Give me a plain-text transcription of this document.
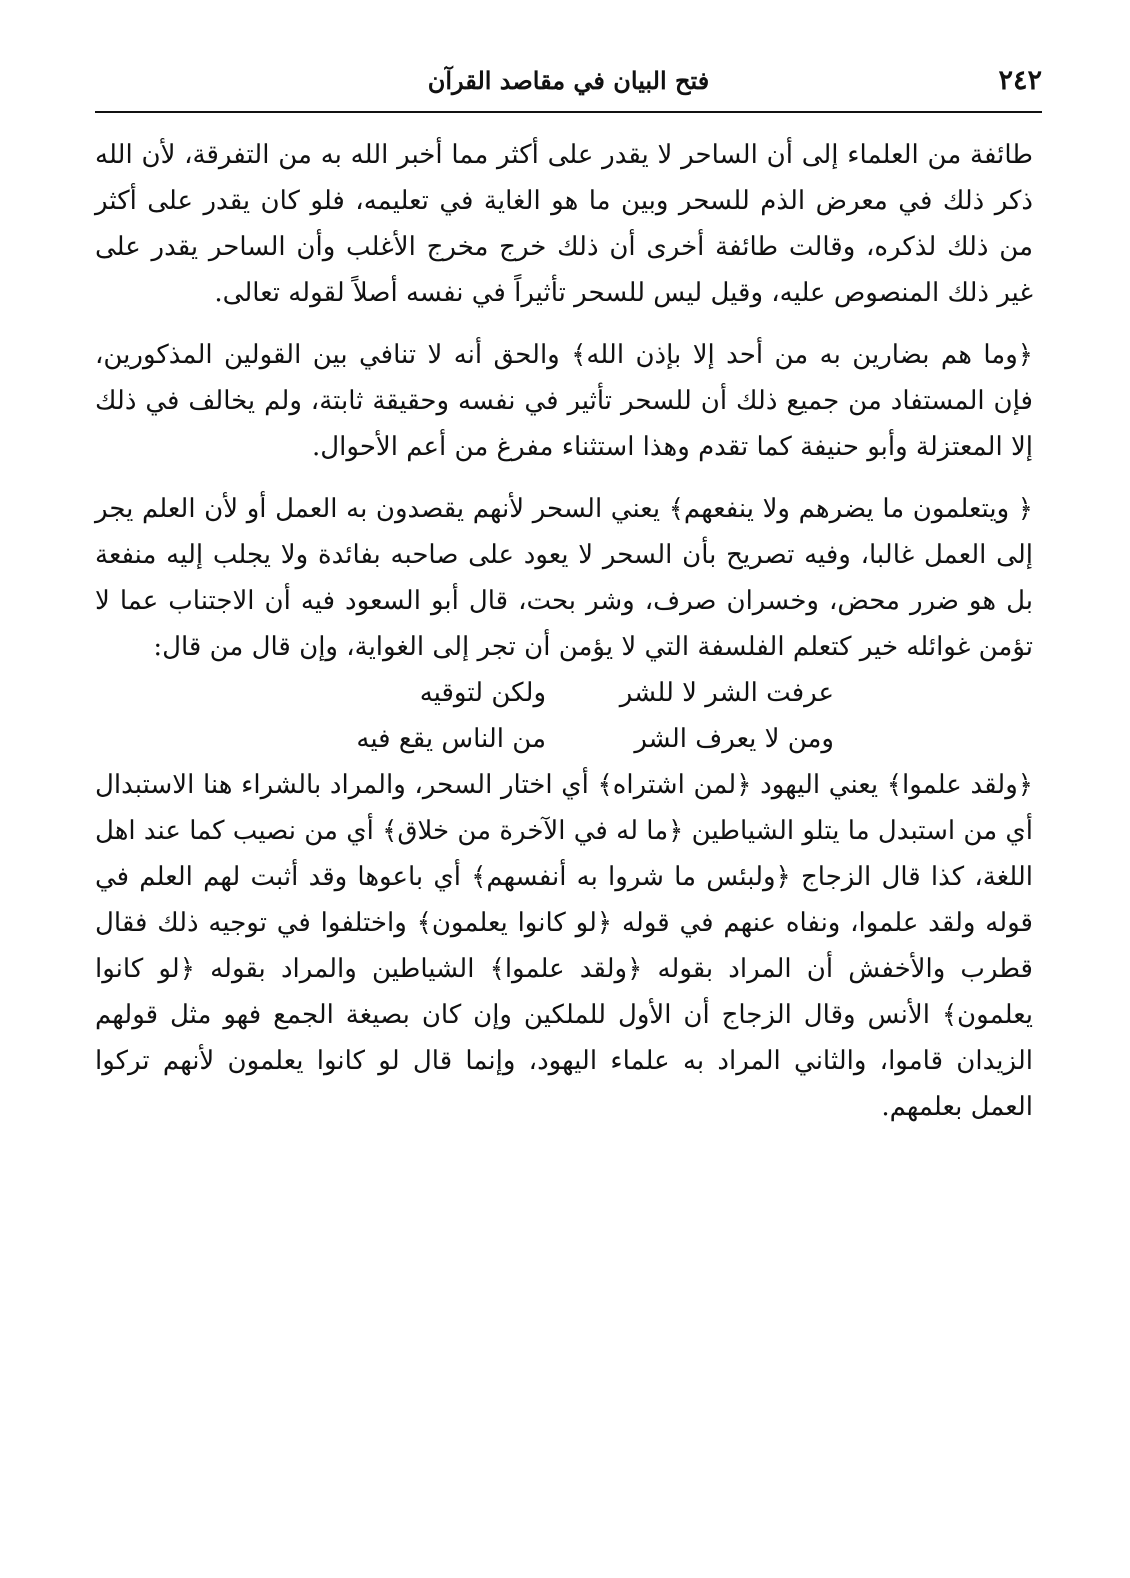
٢٤٢
فتح البيان في مقاصد القرآن

طائفة من العلماء إلى أن الساحر لا يقدر على أكثر مما أخبر الله به من التفرقة، لأن الله ذكر ذلك في معرض الذم للسحر وبين ما هو الغاية في تعليمه، فلو كان يقدر على أكثر من ذلك لذكره، وقالت طائفة أخرى أن ذلك خرج مخرج الأغلب وأن الساحر يقدر على غير ذلك المنصوص عليه، وقيل ليس للسحر تأثيراً في نفسه أصلاً لقوله تعالى.

﴿وما هم بضارين به من أحد إلا بإذن الله﴾ والحق أنه لا تنافي بين القولين المذكورين، فإن المستفاد من جميع ذلك أن للسحر تأثير في نفسه وحقيقة ثابتة، ولم يخالف في ذلك إلا المعتزلة وأبو حنيفة كما تقدم وهذا استثناء مفرغ من أعم الأحوال.

﴿ ويتعلمون ما يضرهم ولا ينفعهم﴾ يعني السحر لأنهم يقصدون به العمل أو لأن العلم يجر إلى العمل غالبا، وفيه تصريح بأن السحر لا يعود على صاحبه بفائدة ولا يجلب إليه منفعة بل هو ضرر محض، وخسران صرف، وشر بحت، قال أبو السعود فيه أن الاجتناب عما لا تؤمن غوائله خير كتعلم الفلسفة التي لا يؤمن أن تجر إلى الغواية، وإن قال من قال:

عرفت الشر لا للشر
ولكن لتوقيه
ومن لا يعرف الشر
من الناس يقع فيه

﴿ولقد علموا﴾ يعني اليهود ﴿لمن اشتراه﴾ أي اختار السحر، والمراد بالشراء هنا الاستبدال أي من استبدل ما يتلو الشياطين ﴿ما له في الآخرة من خلاق﴾ أي من نصيب كما عند اهل اللغة، كذا قال الزجاج ﴿ولبئس ما شروا به أنفسهم﴾ أي باعوها وقد أثبت لهم العلم في قوله ولقد علموا، ونفاه عنهم في قوله ﴿لو كانوا يعلمون﴾ واختلفوا في توجيه ذلك فقال قطرب والأخفش أن المراد بقوله ﴿ولقد علموا﴾ الشياطين والمراد بقوله ﴿لو كانوا يعلمون﴾ الأنس وقال الزجاج أن الأول للملكين وإن كان بصيغة الجمع فهو مثل قولهم الزيدان قاموا، والثاني المراد به علماء اليهود، وإنما قال لو كانوا يعلمون لأنهم تركوا العمل بعلمهم.
